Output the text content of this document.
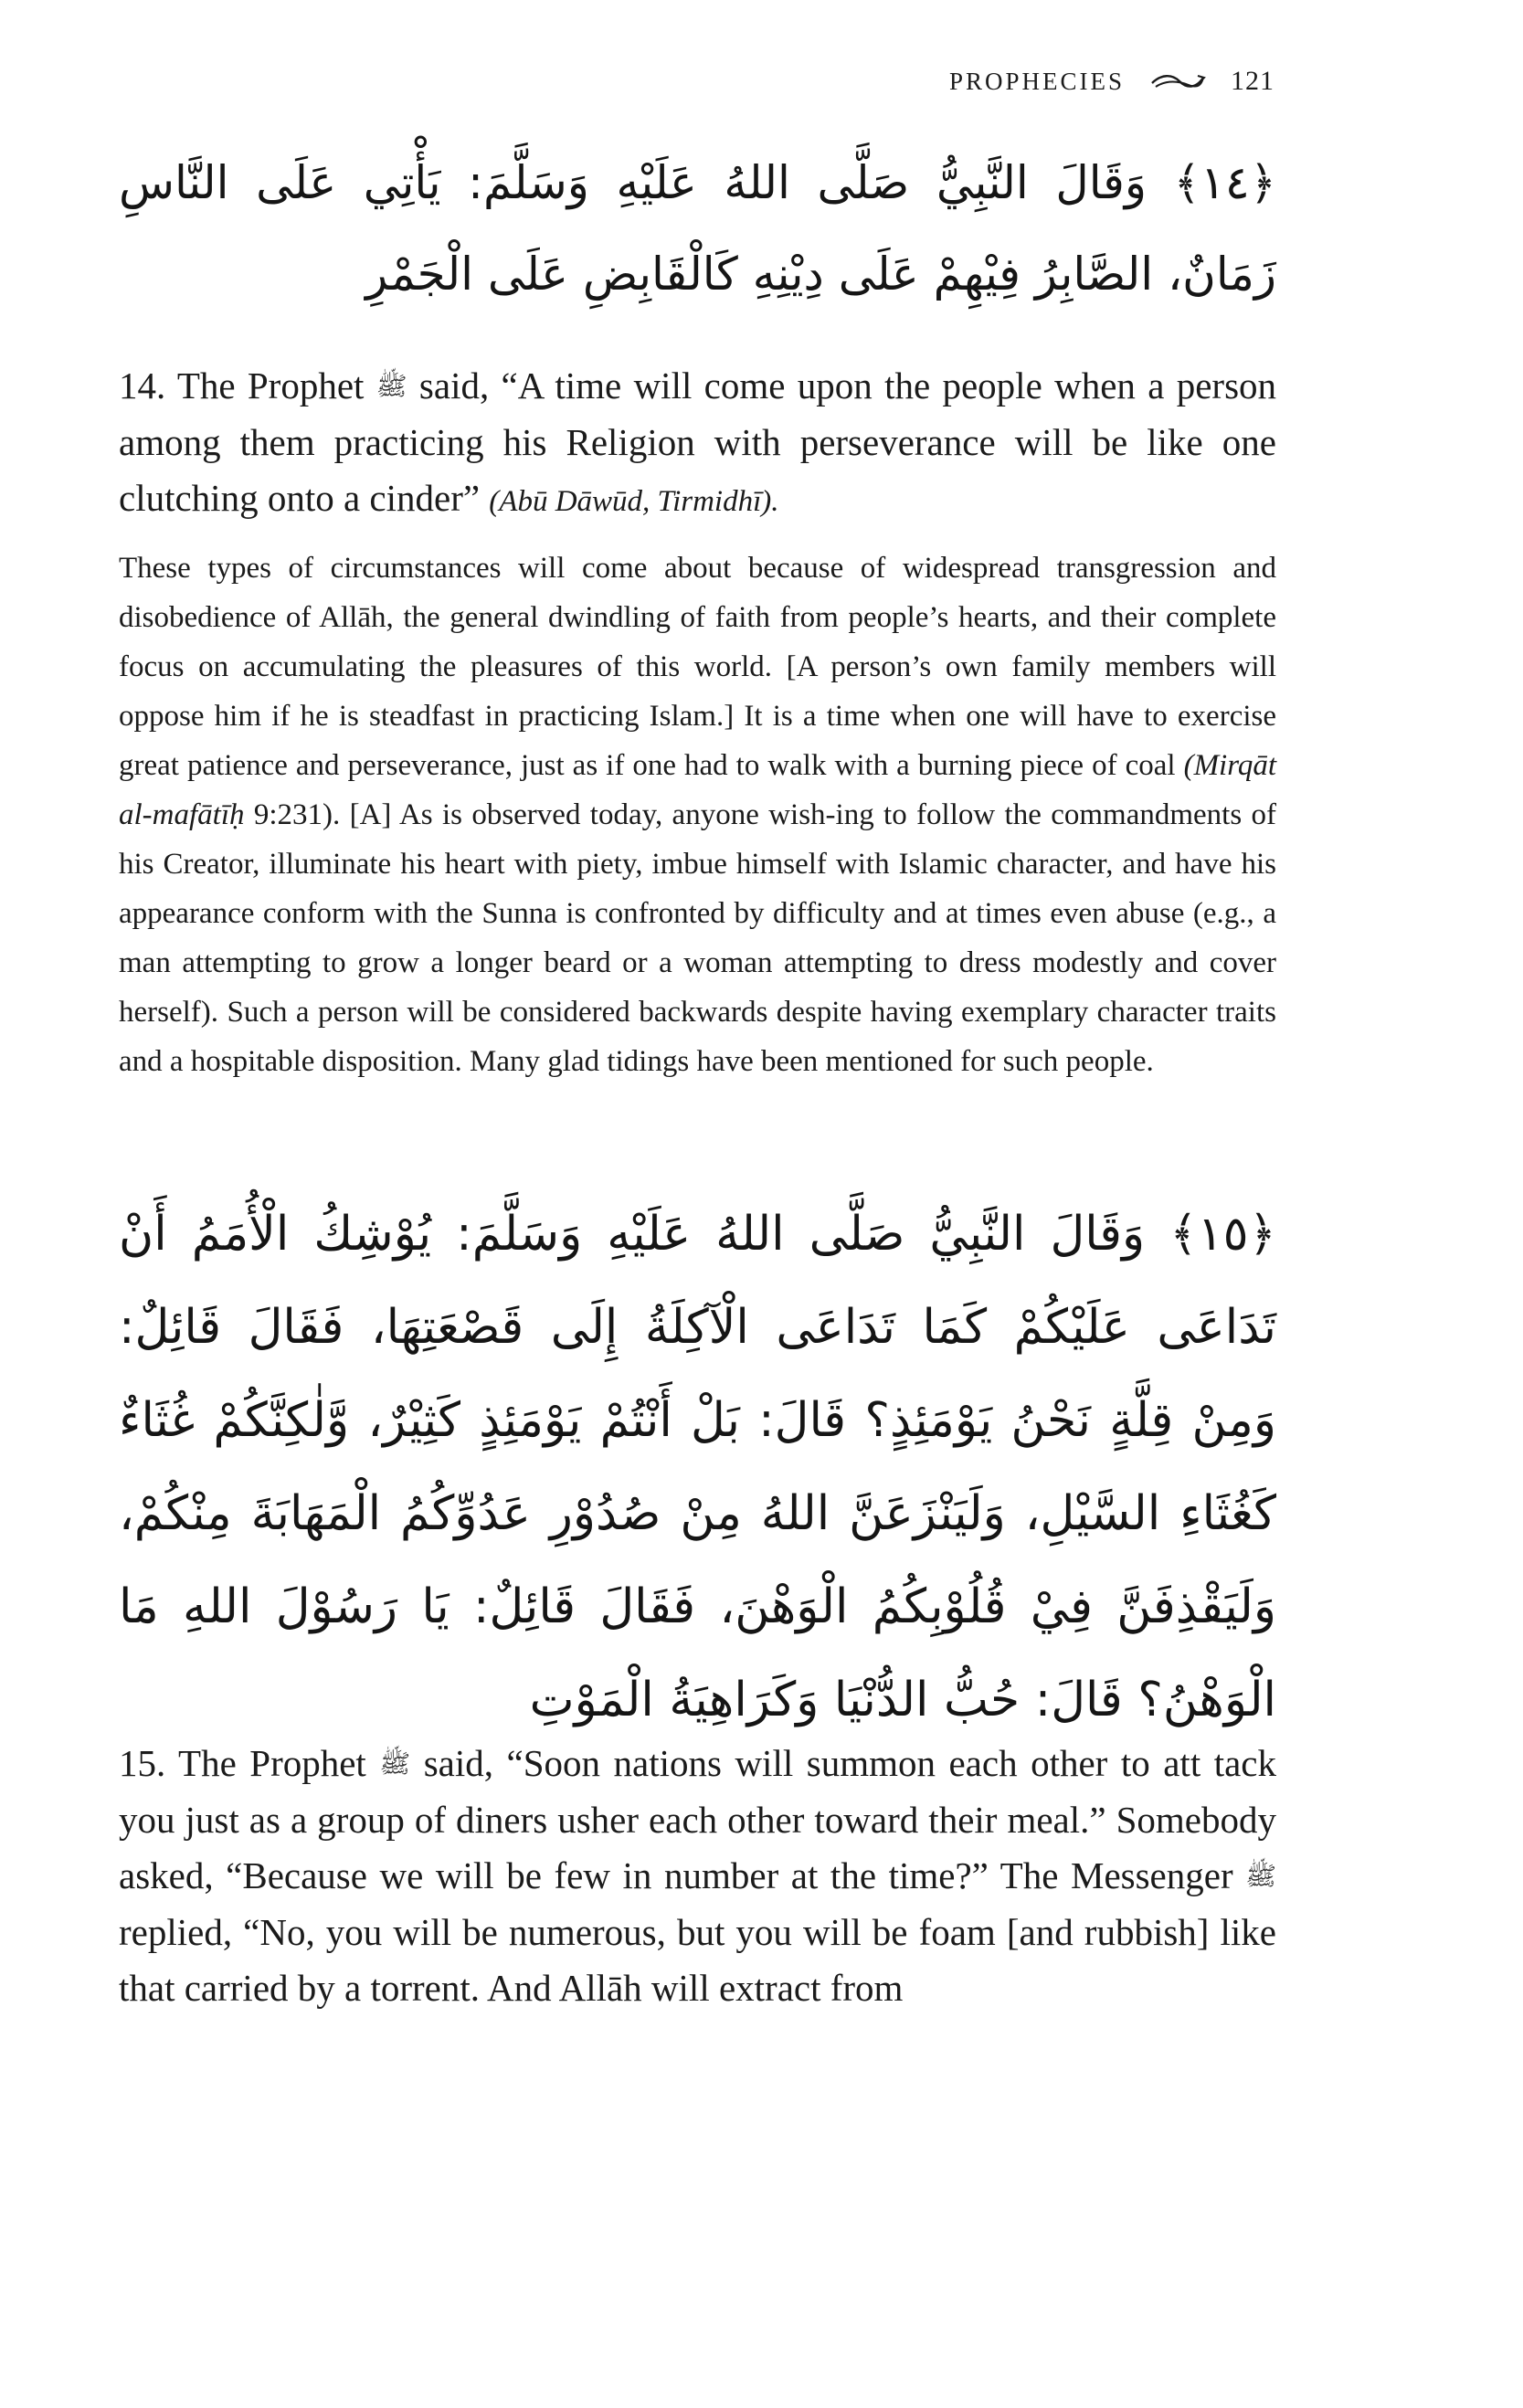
PROPHECIES	121
﴿١٤﴾ وَقَالَ النَّبِيُّ صَلَّى اللهُ عَلَيْهِ وَسَلَّمَ: يَأْتِي عَلَى النَّاسِ زَمَانٌ، الصَّابِرُ فِيْهِمْ عَلَى دِيْنِهِ كَالْقَابِضِ عَلَى الْجَمْرِ
14. The Prophet ﷺ said, “A time will come upon the people when a person among them practicing his Religion with perseverance will be like one clutching onto a cinder” (Abū Dāwūd, Tirmidhī).
These types of circumstances will come about because of widespread transgression and disobedience of Allāh, the general dwindling of faith from people’s hearts, and their complete focus on accumulating the pleasures of this world. [A person’s own family members will oppose him if he is steadfast in practicing Islam.] It is a time when one will have to exercise great patience and perseverance, just as if one had to walk with a burning piece of coal (Mirqāt al-mafātīḥ 9:231). [A] As is observed today, anyone wish-ing to follow the commandments of his Creator, illuminate his heart with piety, imbue himself with Islamic character, and have his appearance conform with the Sunna is confronted by difficulty and at times even abuse (e.g., a man attempting to grow a longer beard or a woman attempting to dress modestly and cover herself). Such a person will be considered backwards despite having exemplary character traits and a hospitable disposition. Many glad tidings have been mentioned for such people.
﴿١٥﴾ وَقَالَ النَّبِيُّ صَلَّى اللهُ عَلَيْهِ وَسَلَّمَ: يُوْشِكُ الْأُمَمُ أَنْ تَدَاعَى عَلَيْكُمْ كَمَا تَدَاعَى الْآكِلَةُ إِلَى قَصْعَتِهَا، فَقَالَ قَائِلٌ: وَمِنْ قِلَّةٍ نَحْنُ يَوْمَئِذٍ؟ قَالَ: بَلْ أَنْتُمْ يَوْمَئِذٍ كَثِيْرٌ، وَّلٰكِنَّكُمْ غُثَاءٌ كَغُثَاءِ السَّيْلِ، وَلَيَنْزَعَنَّ اللهُ مِنْ صُدُوْرِ عَدُوِّكُمُ الْمَهَابَةَ مِنْكُمْ، وَلَيَقْذِفَنَّ فِيْ قُلُوْبِكُمُ الْوَهْنَ، فَقَالَ قَائِلٌ: يَا رَسُوْلَ اللهِ مَا الْوَهْنُ؟ قَالَ: حُبُّ الدُّنْيَا وَكَرَاهِيَةُ الْمَوْتِ
15. The Prophet ﷺ said, “Soon nations will summon each other to att tack you just as a group of diners usher each other toward their meal.” Somebody asked, “Because we will be few in number at the time?” The Messenger ﷺ replied, “No, you will be numerous, but you will be foam [and rubbish] like that carried by a torrent. And Allāh will extract from
